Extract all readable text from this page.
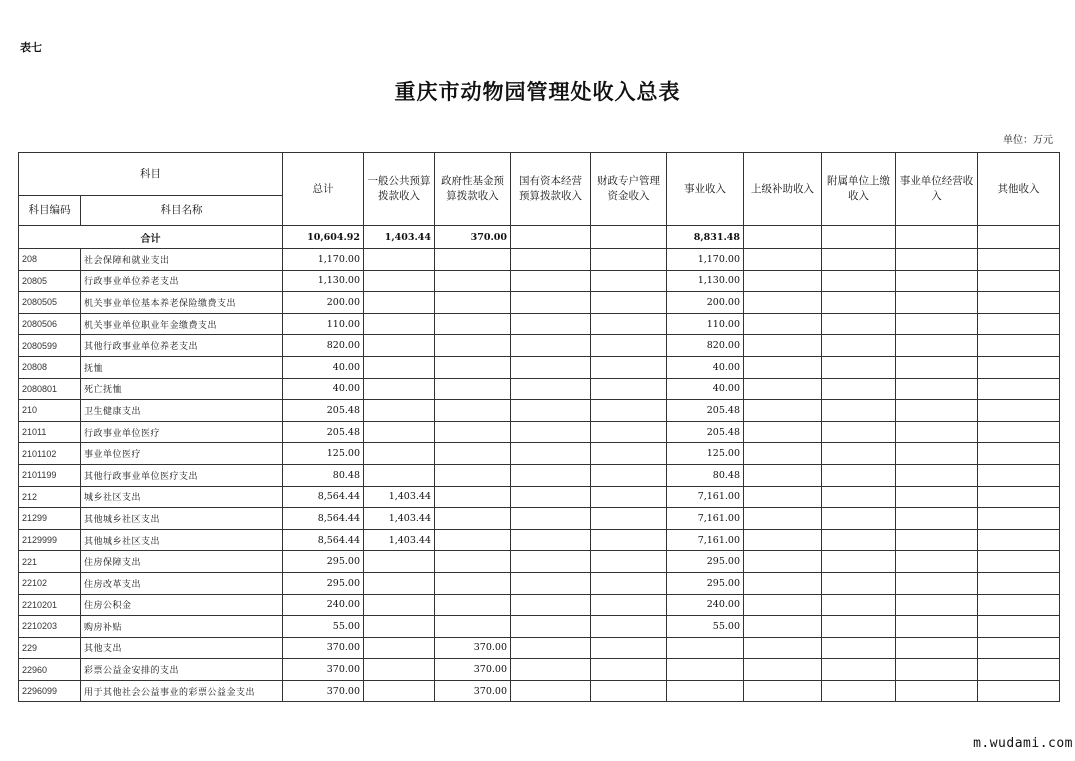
表七
重庆市动物园管理处收入总表
单位：万元
科目		总计	一般公共预算拨款收入	政府性基金预算拨款收入	国有资本经营预算拨款收入	财政专户管理资金收入	事业收入	上级补助收入	附属单位上缴收入	事业单位经营收入	其他收入
科目编码	科目名称										
合计		10,604.92	1,403.44	370.00			8,831.48				
208	社会保障和就业支出	1,170.00					1,170.00				
20805	行政事业单位养老支出	1,130.00					1,130.00				
2080505	机关事业单位基本养老保险缴费支出	200.00					200.00				
2080506	机关事业单位职业年金缴费支出	110.00					110.00				
2080599	其他行政事业单位养老支出	820.00					820.00				
20808	抚恤	40.00					40.00				
2080801	死亡抚恤	40.00					40.00				
210	卫生健康支出	205.48					205.48				
21011	行政事业单位医疗	205.48					205.48				
2101102	事业单位医疗	125.00					125.00				
2101199	其他行政事业单位医疗支出	80.48					80.48				
212	城乡社区支出	8,564.44	1,403.44				7,161.00				
21299	其他城乡社区支出	8,564.44	1,403.44				7,161.00				
2129999	其他城乡社区支出	8,564.44	1,403.44				7,161.00				
221	住房保障支出	295.00					295.00				
22102	住房改革支出	295.00					295.00				
2210201	住房公积金	240.00					240.00				
2210203	购房补贴	55.00					55.00				
229	其他支出	370.00		370.00							
22960	彩票公益金安排的支出	370.00		370.00							
2296099	用于其他社会公益事业的彩票公益金支出	370.00		370.00							
m.wudami.com
